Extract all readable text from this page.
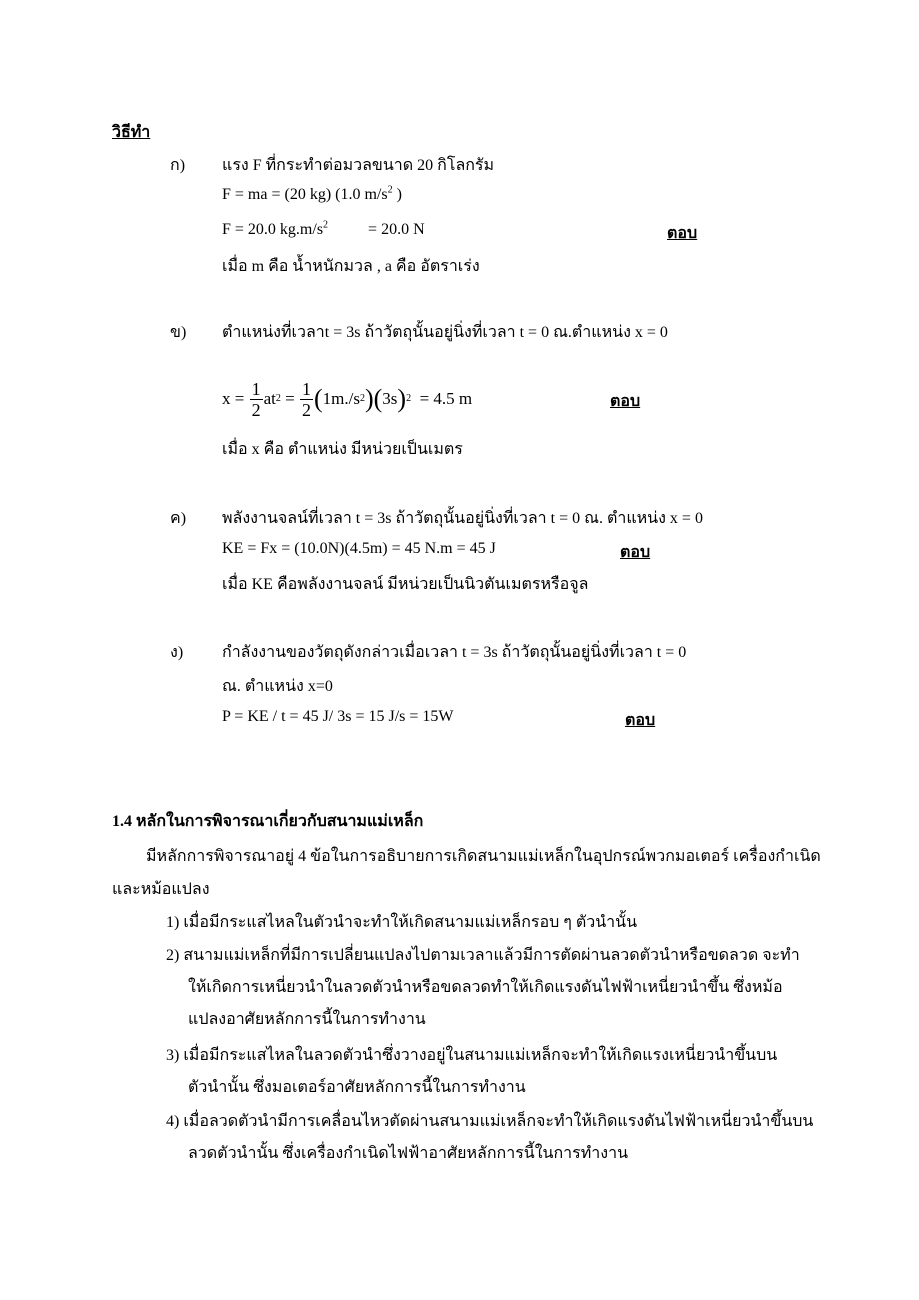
วิธีทำ
ก) แรง F ที่กระทำต่อมวลขนาด 20 กิโลกรัม
F = ma = (20 kg) (1.0 $m/s^2$ )
F = 20.0 $kg.m/s^2$	= 20.0 N	ตอบ
เมื่อ m คือ น้ำหนักมวล , a คือ อัตราเร่ง
ข) ตำแหน่งที่เวลาt = 3s ถ้าวัตถุนั้นอยู่นิ่งที่เวลา t = 0 ณ.ตำแหน่ง x = 0
x =
$\frac{1}{2}$ at 2
=
$\frac{1}{2}$ ( 1m./s 2 ) ( 3s ) 2
= 4.5 m	ตอบ
เมื่อ x คือ ตำแหน่ง มีหน่วยเป็นเมตร
ค) พลังงานจลน์ที่เวลา t = 3s ถ้าวัตถุนั้นอยู่นิ่งที่เวลา t = 0 ณ. ตำแหน่ง x = 0
KE = Fx = (10.0N)(4.5m) = 45 N.m = 45 J	ตอบ
เมื่อ KE คือพลังงานจลน์ มีหน่วยเป็นนิวตันเมตรหรือจูล
ง) กำลังงานของวัตถุดังกล่าวเมื่อเวลา t = 3s ถ้าวัตถุนั้นอยู่นิ่งที่เวลา t = 0
ณ. ตำแหน่ง x=0
P = KE / t = 45 J/ 3s = 15 J/s = 15W	ตอบ
1.4 หลักในการพิจารณาเกี่ยวกับสนามแม่เหล็ก
มีหลักการพิจารณาอยู่ 4 ข้อในการอธิบายการเกิดสนามแม่เหล็กในอุปกรณ์พวกมอเตอร์ เครื่องกำเนิด
และหม้อแปลง
1) เมื่อมีกระแสไหลในตัวนำจะทำให้เกิดสนามแม่เหล็กรอบ ๆ ตัวนำนั้น
2) สนามแม่เหล็กที่มีการเปลี่ยนแปลงไปตามเวลาแล้วมีการตัดผ่านลวดตัวนำหรือขดลวด จะทำ
ให้เกิดการเหนี่ยวนำในลวดตัวนำหรือขดลวดทำให้เกิดแรงดันไฟฟ้าเหนี่ยวนำขึ้น ซึ่งหม้อ
แปลงอาศัยหลักการนี้ในการทำงาน
3) เมื่อมีกระแสไหลในลวดตัวนำซึ่งวางอยู่ในสนามแม่เหล็กจะทำให้เกิดแรงเหนี่ยวนำขึ้นบน
ตัวนำนั้น ซึ่งมอเตอร์อาศัยหลักการนี้ในการทำงาน
4) เมื่อลวดตัวนำมีการเคลื่อนไหวตัดผ่านสนามแม่เหล็กจะทำให้เกิดแรงดันไฟฟ้าเหนี่ยวนำขึ้นบน
ลวดตัวนำนั้น ซึ่งเครื่องกำเนิดไฟฟ้าอาศัยหลักการนี้ในการทำงาน
